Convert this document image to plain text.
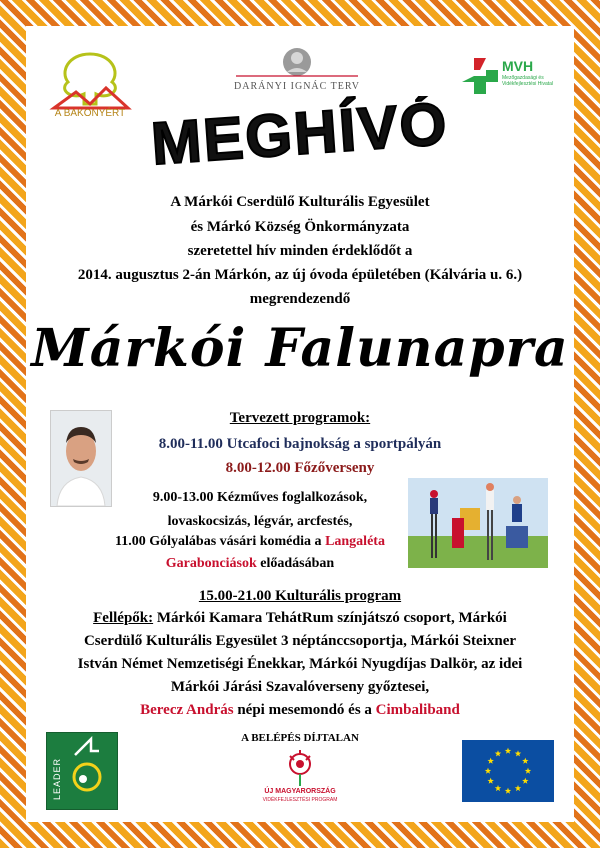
A BAKONYÉRT
DARÁNYI IGNÁC TERV
MVH
Mezőgazdasági és Vidékfejlesztési Hivatal
MEGHÍVÓ
A Márkói Cserdülő Kulturális Egyesület
és Márkó Község Önkormányzata
szeretettel hív minden érdeklődőt a
2014. augusztus 2-án Márkón, az új óvoda épületében (Kálvária u. 6.)
megrendezendő
Márkói Falunapra
Tervezett programok:
8.00-11.00 Utcafoci bajnokság a sportpályán
8.00-12.00 Főzőverseny
9.00-13.00 Kézműves foglalkozások,
lovaskocsizás, légvár, arcfestés,
11.00 Gólyalábas vásári komédia a Langaléta
Garabonciások előadásában
15.00-21.00 Kulturális program
Fellépők: Márkói Kamara TehátRum színjátszó csoport, Márkói
Cserdülő Kulturális Egyesület 3 néptánccsoportja, Márkói Steixner
István Német Nemzetiségi Énekkar, Márkói Nyugdíjas Dalkör, az idei
Márkói Járási Szavalóverseny győztesei,
Berecz András népi mesemondó és a Cimbaliband
A BELÉPÉS DÍJTALAN
LEADER	ÚJ MAGYARORSZÁG
VIDÉKFEJLESZTÉSI PROGRAM
